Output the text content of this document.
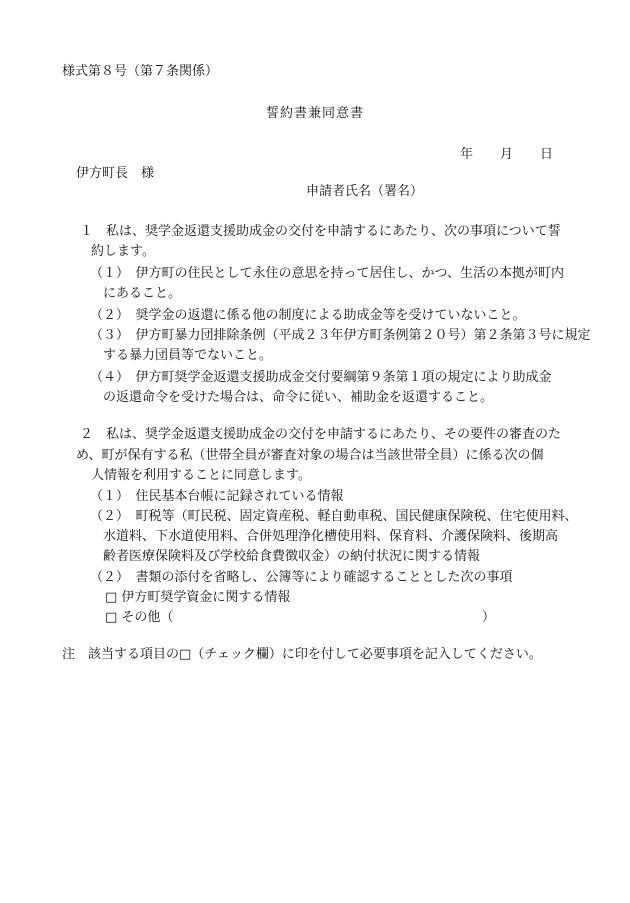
様式第８号（第７条関係）
誓約書兼同意書
年 月 日
伊方町長　様
申請者氏名（署名）
１　私は、奨学金返還支援助成金の交付を申請するにあたり、次の事項について誓
約します。
（１）　伊方町の住民として永住の意思を持って居住し、かつ、生活の本拠が町内
にあること。
（２）　奨学金の返還に係る他の制度による助成金等を受けていないこと。
（３）　伊方町暴力団排除条例（平成２３年伊方町条例第２０号）第２条第３号に規定
する暴力団員等でないこと。
（４）　伊方町奨学金返還支援助成金交付要綱第９条第１項の規定により助成金
の返還命令を受けた場合は、命令に従い、補助金を返還すること。
２　私は、奨学金返還支援助成金の交付を申請するにあたり、その要件の審査のた
め、町が保有する私（世帯全員が審査対象の場合は当該世帯全員）に係る次の個
人情報を利用することに同意します。
（１）　住民基本台帳に記録されている情報
（２）　町税等（町民税、固定資産税、軽自動車税、国民健康保険税、住宅使用料、
水道料、下水道使用料、合併処理浄化槽使用料、保育料、介護保険料、後期高
齢者医療保険料及び学校給食費徴収金）の納付状況に関する情報
（２）　書類の添付を省略し、公簿等により確認することとした次の事項
□ 伊方町奨学資金に関する情報
□ その他（	）
注　該当する項目の□（チェック欄）に印を付して必要事項を記入してください。
